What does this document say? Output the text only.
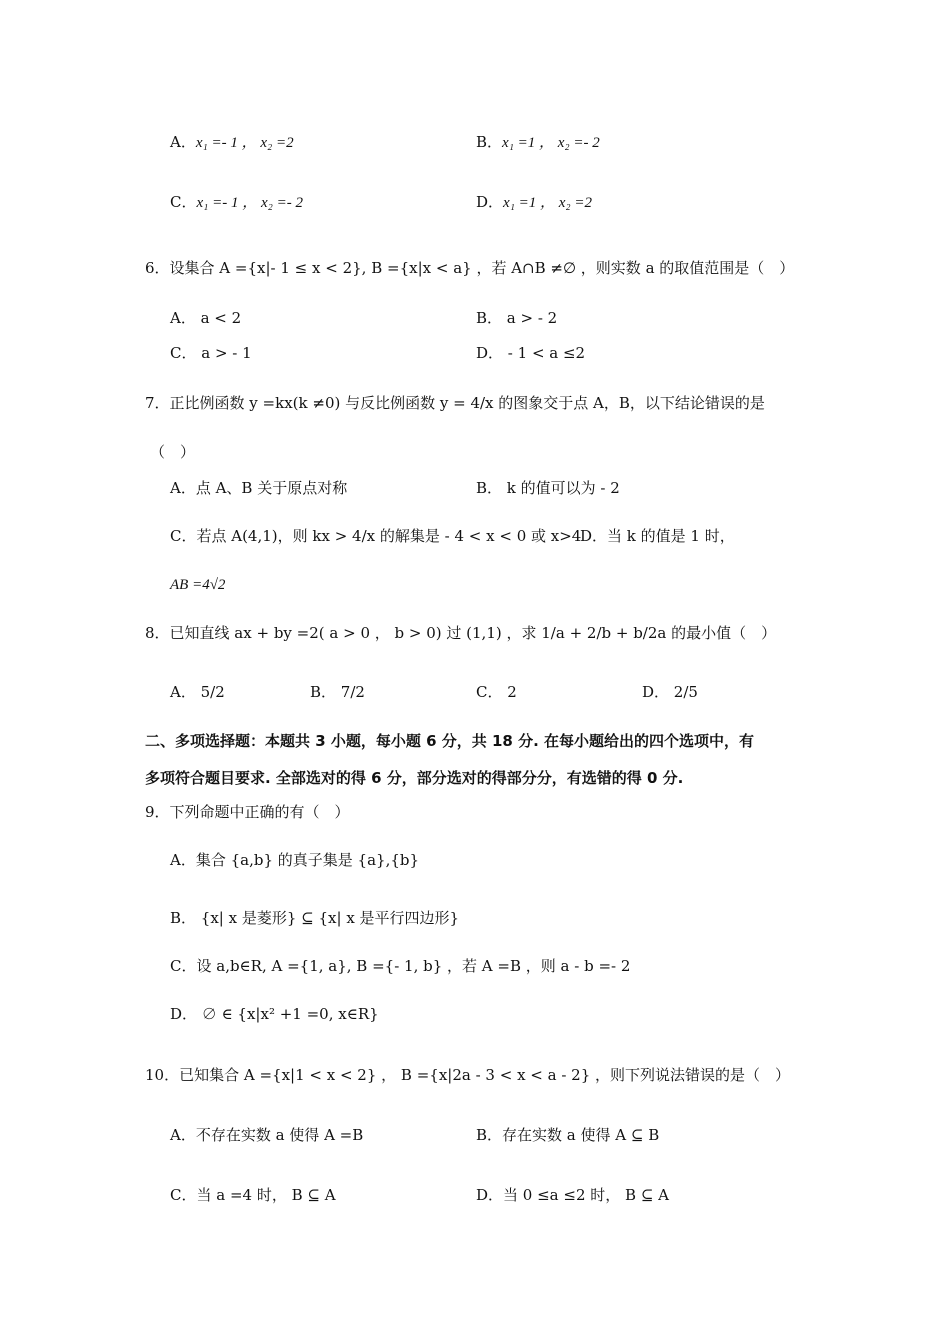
A．x₁ =- 1 ， x₂ =2	B．x₁ =1 ， x₂ =- 2
C．x₁ =- 1 ， x₂ =- 2	D．x₁ =1 ， x₂ =2
6．设集合 A ={x|- 1 ≤ x < 2}, B ={x|x < a} ，若 A∩B ≠∅ ，则实数 a 的取值范围是（　）
A． a < 2	B． a > - 2
C． a > - 1	D． - 1 < a ≤2
7．正比例函数 y =kx(k ≠0) 与反比例函数 y = 4/x 的图象交于点 A，B，以下结论错误的是
（　）
A．点 A、B 关于原点对称	B． k 的值可以为 - 2
C．若点 A(4,1)，则 kx > 4/x 的解集是 - 4 < x < 0 或 x>4
D．当 k 的值是 1 时，
AB =4√2
8．已知直线 ax + by =2( a > 0 ， b > 0) 过 (1,1) ，求 1/a + 2/b + b/2a 的最小值（　）
A． 5/2	B． 7/2	C． 2	D． 2/5
二、多项选择题：本题共 3 小题，每小题 6 分，共 18 分. 在每小题给出的四个选项中，有
多项符合题目要求. 全部选对的得 6 分，部分选对的得部分分，有选错的得 0 分.
9．下列命题中正确的有（　）
A．集合 {a,b} 的真子集是 {a},{b}
B． {x| x 是菱形} ⊆ {x| x 是平行四边形}
C．设 a,b∈R, A ={1, a}, B ={- 1, b} ，若 A =B ，则 a - b =- 2
D． ∅ ∈ {x|x² +1 =0, x∈R}
10．已知集合 A ={x|1 < x < 2} ， B ={x|2a - 3 < x < a - 2} ，则下列说法错误的是（　）
A．不存在实数 a 使得 A =B	B．存在实数 a 使得 A ⊆ B
C．当 a =4 时， B ⊆ A	D．当 0 ≤a ≤2 时， B ⊆ A
